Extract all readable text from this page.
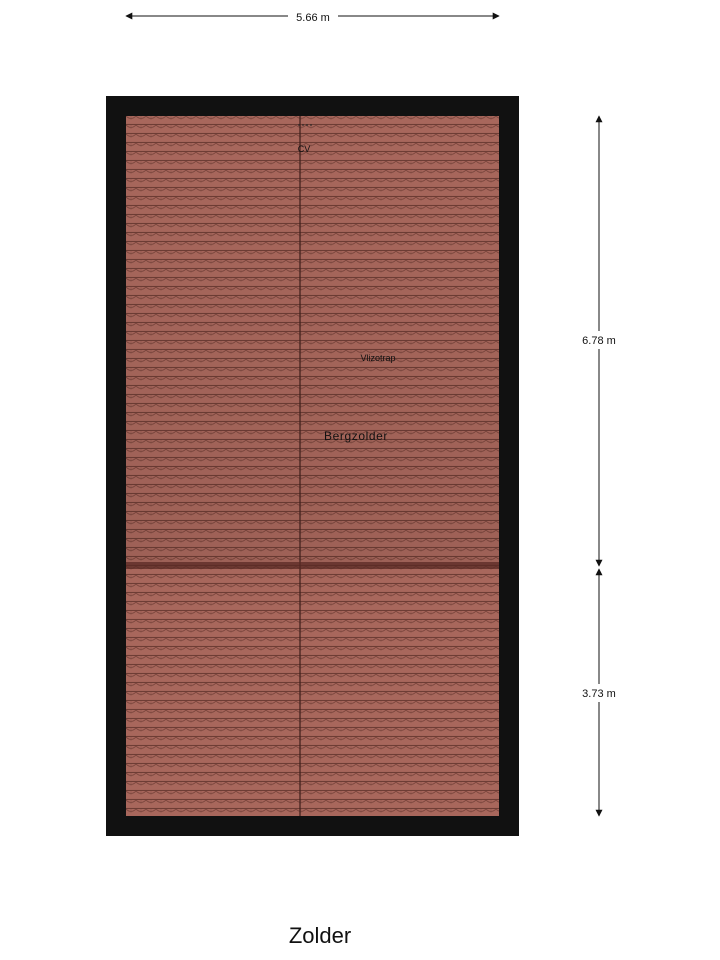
CV
Vlizotrap
Bergzolder
5.66 m
6.78 m
3.73 m
Zolder
